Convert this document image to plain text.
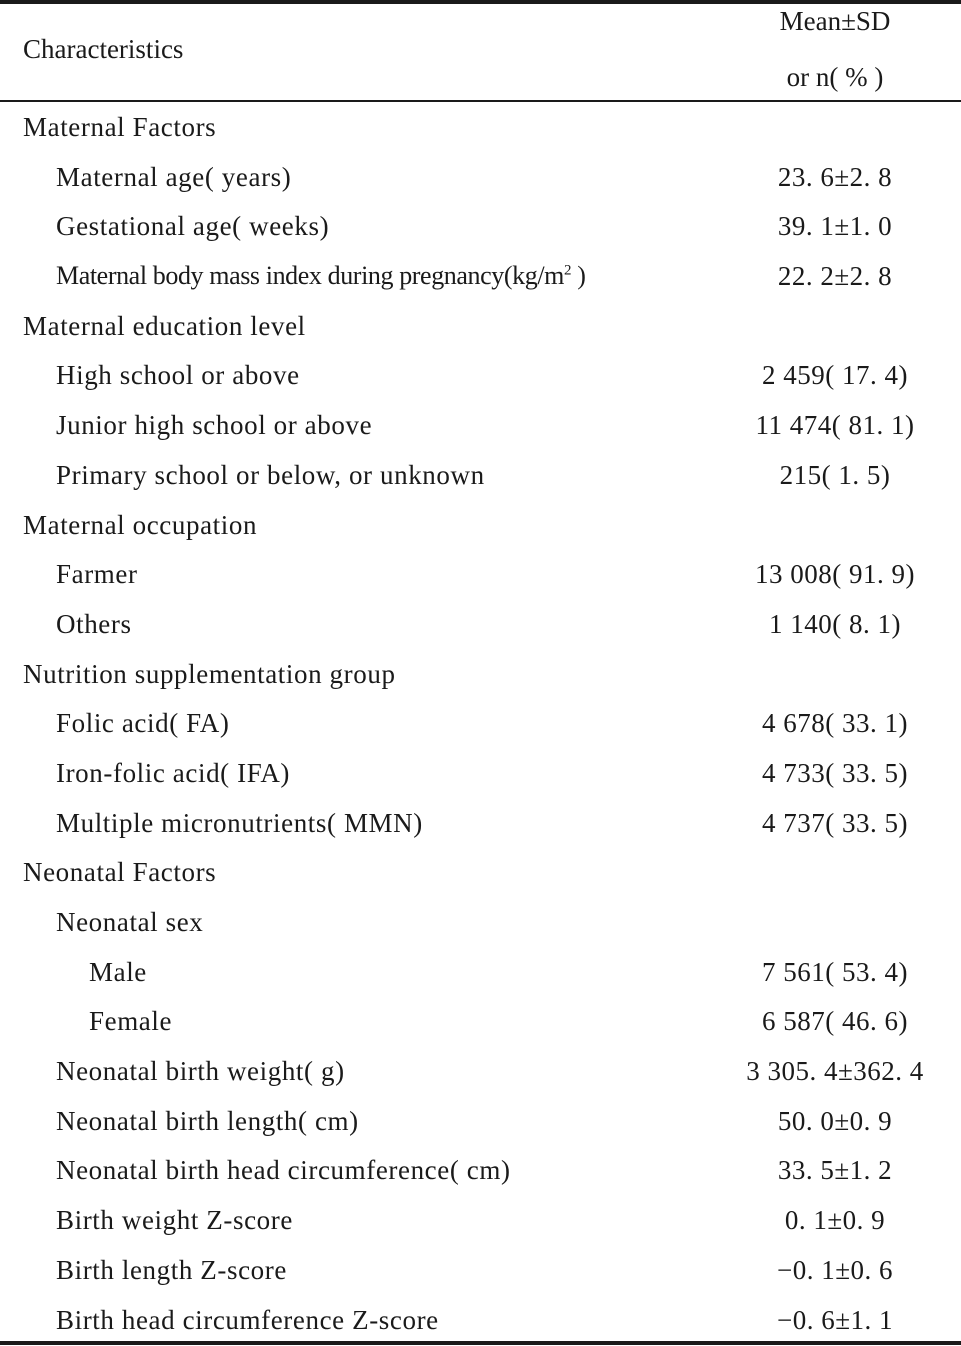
Characteristics
Mean±SD
or n( % )
Maternal Factors
Maternal age( years)	23. 6±2. 8
Gestational age( weeks)	39. 1±1. 0
Maternal body mass index during $pregnancy(kg/m^2$ )	22. 2±2. 8
Maternal education level
High school or above	2 459( 17. 4)
Junior high school or above	11 474( 81. 1)
Primary school or below, or unknown	215( 1. 5)
Maternal occupation
Farmer	13 008( 91. 9)
Others	1 140( 8. 1)
Nutrition supplementation group
Folic acid( FA)	4 678( 33. 1)
Iron-folic acid( IFA)	4 733( 33. 5)
Multiple micronutrients( MMN)	4 737( 33. 5)
Neonatal Factors
Neonatal sex
Male	7 561( 53. 4)
Female	6 587( 46. 6)
Neonatal birth weight( g)	3 305. 4±362. 4
Neonatal birth length( cm)	50. 0±0. 9
Neonatal birth head circumference( cm)	33. 5±1. 2
Birth weight Z-score	0. 1±0. 9
Birth length Z-score	−0. 1±0. 6
Birth head circumference Z-score	−0. 6±1. 1
